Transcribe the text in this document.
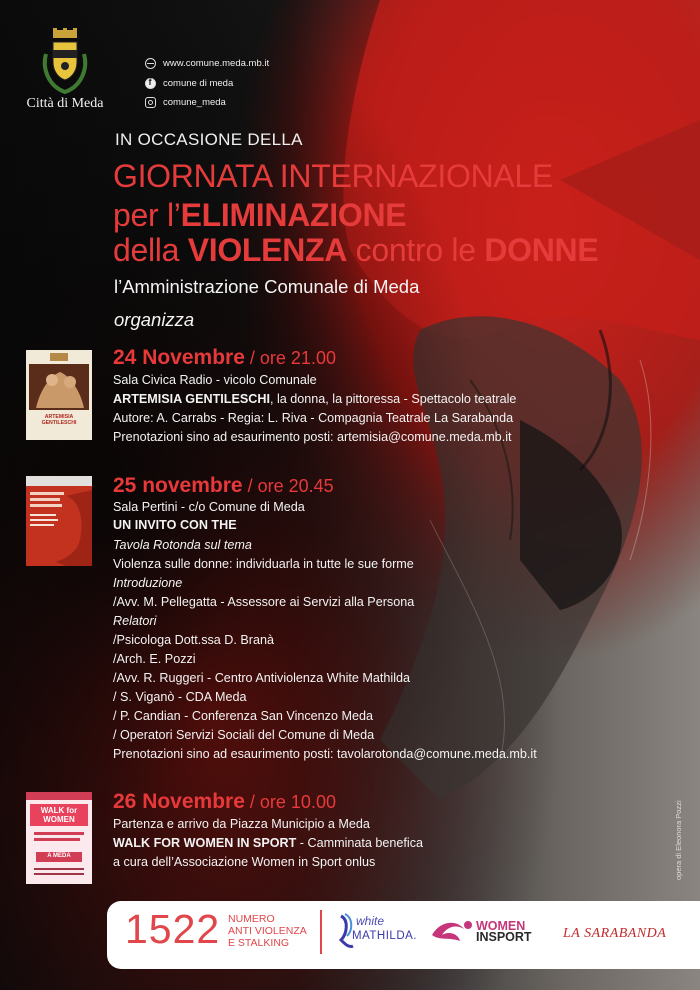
Città di Meda
www.comune.meda.mb.it
f
comune di meda
comune_meda
IN OCCASIONE DELLA
GIORNATA INTERNAZIONALE
per l’ELIMINAZIONE
della VIOLENZA contro le DONNE
l’Amministrazione Comunale di Meda
organizza
ARTEMISIA GENTILESCHI
24 Novembre / ore 21.00
Sala Civica Radio - vicolo Comunale
ARTEMISIA GENTILESCHI, la donna, la pittoressa - Spettacolo teatrale
Autore: A. Carrabs - Regia: L. Riva - Compagnia Teatrale La Sarabanda
Prenotazioni sino ad esaurimento posti: artemisia@comune.meda.mb.it
25 novembre / ore 20.45
Sala Pertini - c/o Comune di Meda
UN INVITO CON THE
Tavola Rotonda sul tema
Violenza sulle donne: individuarla in tutte le sue forme
Introduzione
/Avv. M. Pellegatta - Assessore ai Servizi alla Persona
Relatori
/Psicologa Dott.ssa D. Branà
/Arch. E. Pozzi
/Avv. R. Ruggeri - Centro Antiviolenza White Mathilda
/ S. Viganò - CDA Meda
/ P. Candian - Conferenza San Vincenzo Meda
/ Operatori Servizi Sociali del Comune di Meda
Prenotazioni sino ad esaurimento posti: tavolarotonda@comune.meda.mb.it
WALK for WOMEN
A MEDA
26 Novembre / ore 10.00
Partenza e arrivo da Piazza Municipio a Meda
WALK FOR WOMEN IN SPORT - Camminata benefica
a cura dell’Associazione Women in Sport onlus	opera di Eleonora Pozzi
1522 NUMERO
ANTI VIOLENZA
E STALKING
white
MATHILDA.
WOMEN
INSPORT LA SARABANDA
